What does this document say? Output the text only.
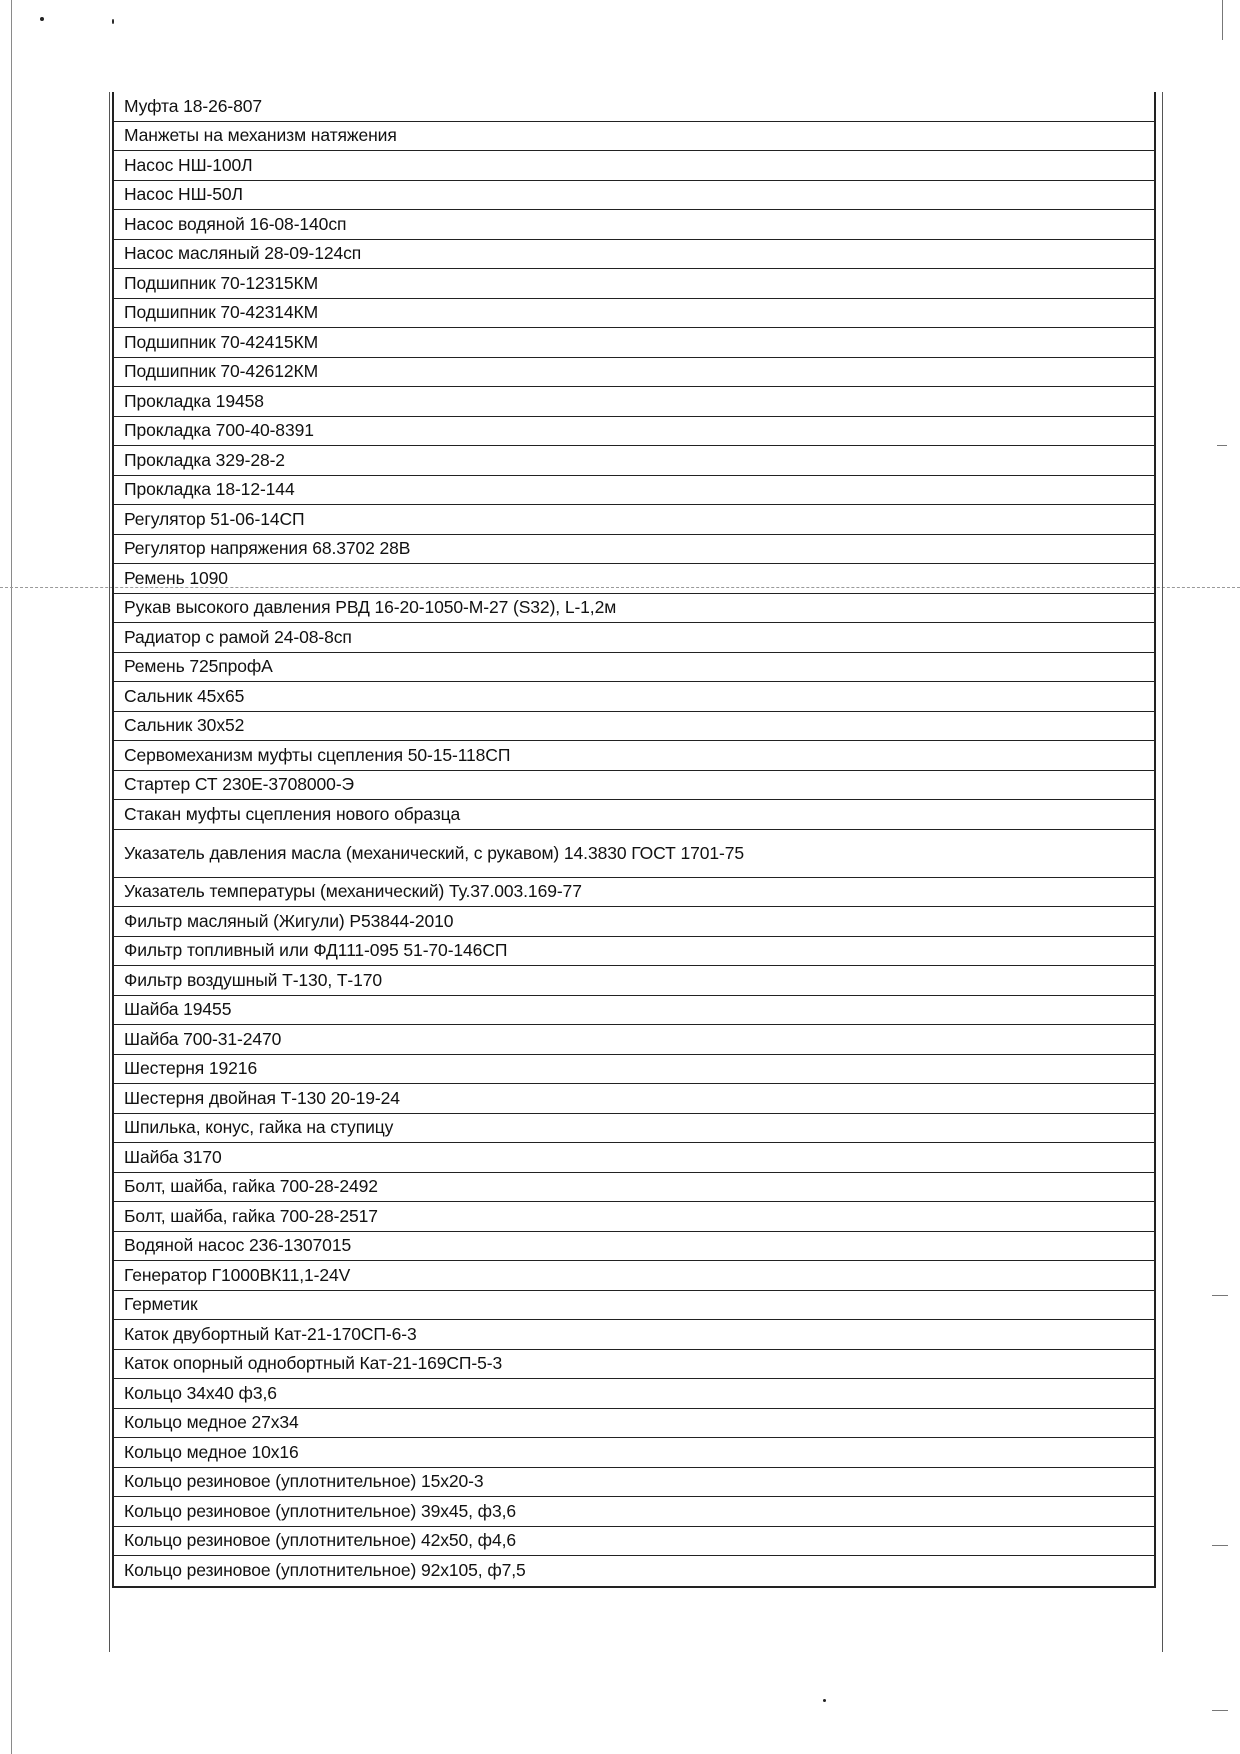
Муфта 18-26-807
Манжеты на механизм натяжения
Насос НШ-100Л
Насос НШ-50Л
Насос водяной 16-08-140сп
Насос масляный 28-09-124сп
Подшипник 70-12315КМ
Подшипник 70-42314КМ
Подшипник 70-42415КМ
Подшипник 70-42612КМ
Прокладка 19458
Прокладка 700-40-8391
Прокладка 329-28-2
Прокладка 18-12-144
Регулятор 51-06-14СП
Регулятор напряжения 68.3702 28В
Ремень 1090
Рукав высокого давления РВД 16-20-1050-М-27 (S32), L-1,2м
Радиатор с рамой 24-08-8сп
Ремень 725профА
Сальник 45х65
Сальник 30х52
Сервомеханизм муфты сцепления 50-15-118СП
Стартер СТ 230Е-3708000-Э
Стакан муфты сцепления нового образца
Указатель давления масла (механический, с рукавом) 14.3830 ГОСТ 1701-75
Указатель температуры (механический) Ту.37.003.169-77
Фильтр масляный (Жигули) Р53844-2010
Фильтр топливный или ФД111-095 51-70-146СП
Фильтр воздушный Т-130, Т-170
Шайба 19455
Шайба 700-31-2470
Шестерня 19216
Шестерня двойная Т-130 20-19-24
Шпилька, конус, гайка на ступицу
Шайба 3170
Болт, шайба, гайка 700-28-2492
Болт, шайба, гайка 700-28-2517
Водяной насос 236-1307015
Генератор Г1000ВК11,1-24V
Герметик
Каток двубортный Кат-21-170СП-6-3
Каток опорный однобортный Кат-21-169СП-5-3
Кольцо 34х40 ф3,6
Кольцо медное 27х34
Кольцо медное 10х16
Кольцо резиновое (уплотнительное) 15х20-3
Кольцо резиновое (уплотнительное) 39х45, ф3,6
Кольцо резиновое (уплотнительное) 42х50, ф4,6
Кольцо резиновое (уплотнительное) 92х105, ф7,5
